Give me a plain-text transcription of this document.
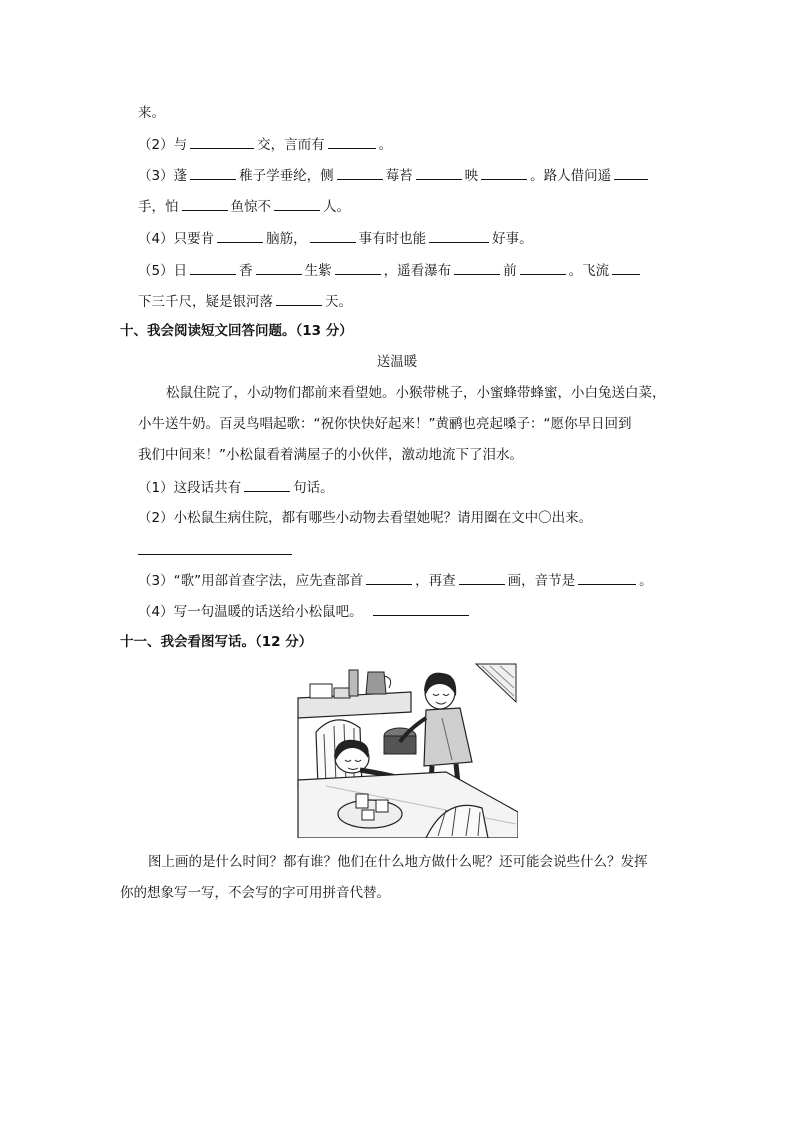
来。
（2）与	交，言而有	。
（3）蓬	稚子学垂纶，侧	莓苔	映	。路人借问遥
手，怕	鱼惊不	人。
（4）只要肯	脑筋，	事有时也能	好事。
（5）日	香	生紫	，遥看瀑布	前	。飞流
下三千尺，疑是银河落	天。
十、我会阅读短文回答问题。（13 分）
送温暖
松鼠住院了，小动物们都前来看望她。小猴带桃子，小蜜蜂带蜂蜜，小白兔送白菜，
小牛送牛奶。百灵鸟唱起歌：“祝你快快好起来！”黄鹂也亮起嗓子：“愿你早日回到
我们中间来！”小松鼠看着满屋子的小伙伴，激动地流下了泪水。
（1）这段话共有	句话。
（2）小松鼠生病住院，都有哪些小动物去看望她呢？请用圈在文中〇出来。
（3）“歌”用部首查字法，应先查部首	，再查	画，音节是	。
（4）写一句温暖的话送给小松鼠吧。
十一、我会看图写话。（12 分）
图上画的是什么时间？都有谁？他们在什么地方做什么呢？还可能会说些什么？发挥
你的想象写一写，不会写的字可用拼音代替。
